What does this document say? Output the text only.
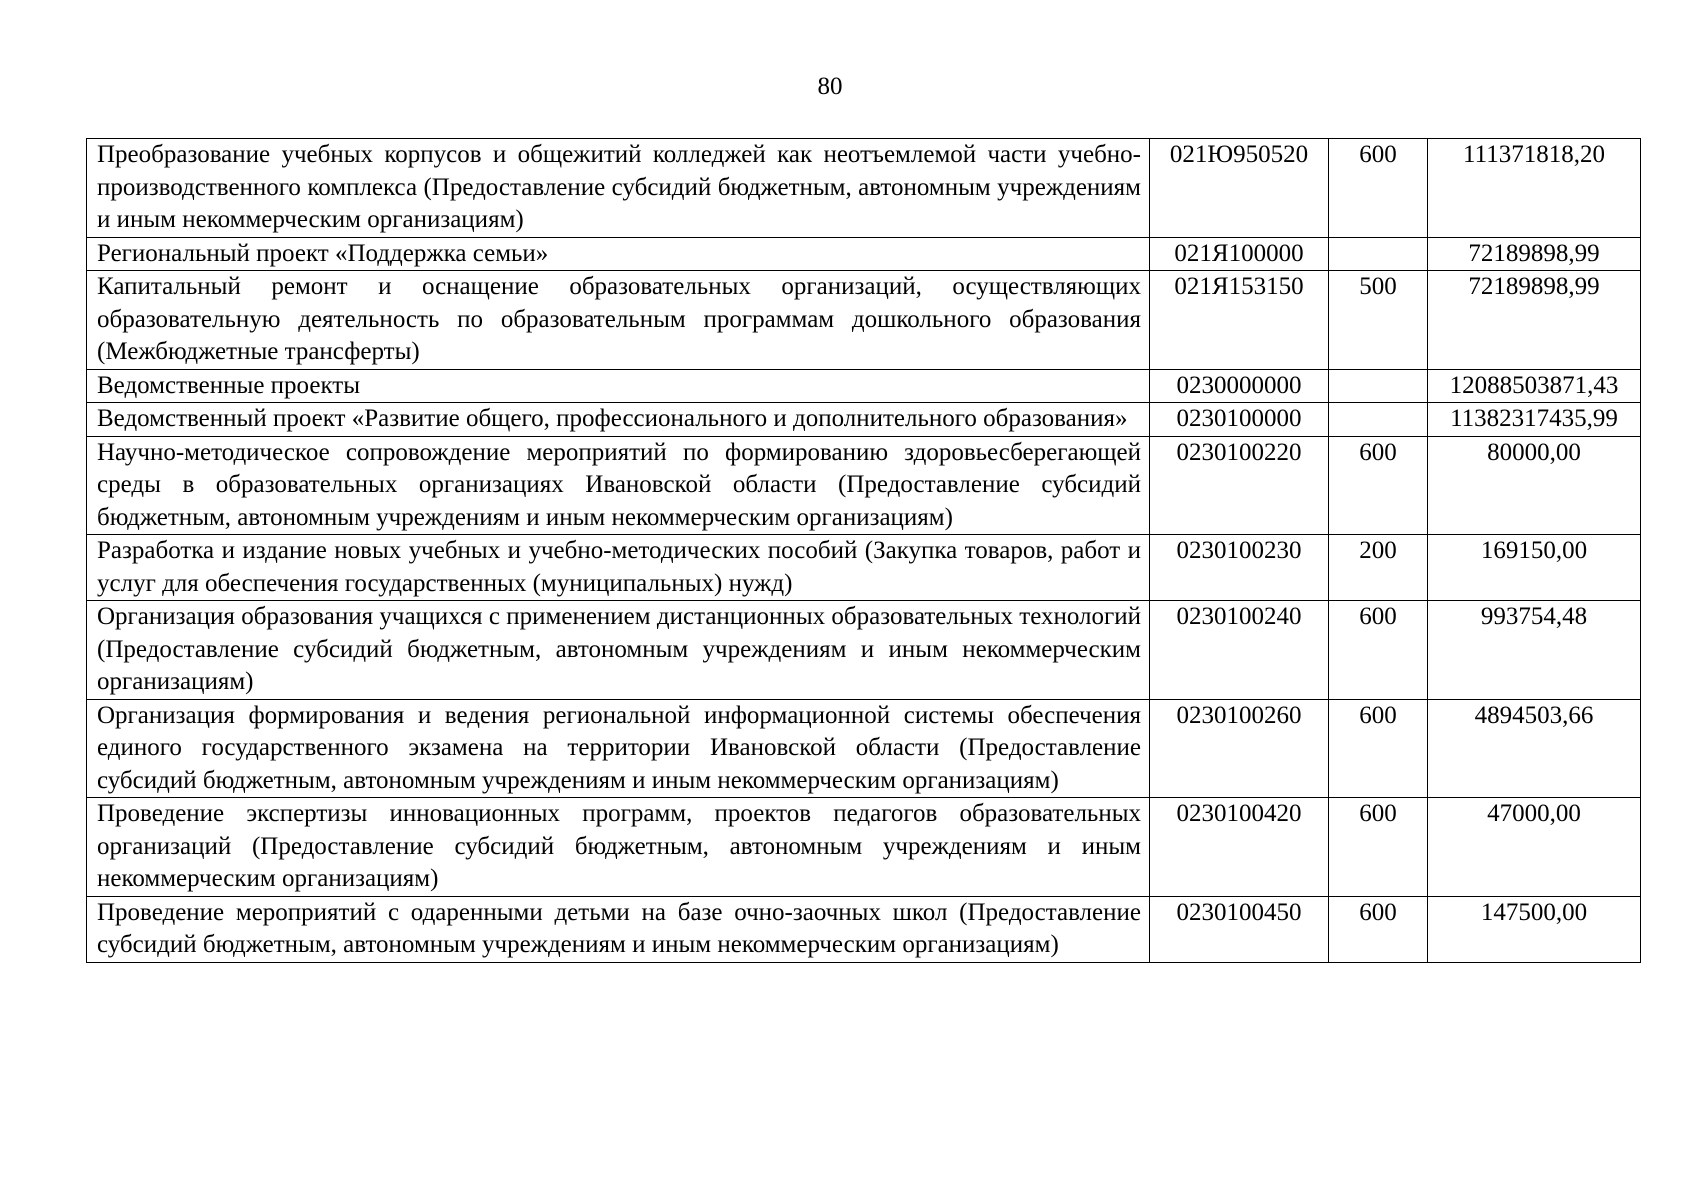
80
Преобразование учебных корпусов и общежитий колледжей как неотъемлемой части учебно-производственного комплекса (Предоставление субсидий бюджетным, автономным учреждениям и иным некоммерческим организациям)	021Ю950520	600	111371818,20
Региональный проект «Поддержка семьи»	021Я100000		72189898,99
Капитальный ремонт и оснащение образовательных организаций, осуществляющих образовательную деятельность по образовательным программам дошкольного образования (Межбюджетные трансферты)	021Я153150	500	72189898,99
Ведомственные проекты	0230000000		12088503871,43
Ведомственный проект «Развитие общего, профессионального и дополнительного образования»	0230100000		11382317435,99
Научно-методическое сопровождение мероприятий по формированию здоровьесберегающей среды в образовательных организациях Ивановской области (Предоставление субсидий бюджетным, автономным учреждениям и иным некоммерческим организациям)	0230100220	600	80000,00
Разработка и издание новых учебных и учебно-методических пособий (Закупка товаров, работ и услуг для обеспечения государственных (муниципальных) нужд)	0230100230	200	169150,00
Организация образования учащихся с применением дистанционных образовательных технологий (Предоставление субсидий бюджетным, автономным учреждениям и иным некоммерческим организациям)	0230100240	600	993754,48
Организация формирования и ведения региональной информационной системы обеспечения единого государственного экзамена на территории Ивановской области (Предоставление субсидий бюджетным, автономным учреждениям и иным некоммерческим организациям)	0230100260	600	4894503,66
Проведение экспертизы инновационных программ, проектов педагогов образовательных организаций (Предоставление субсидий бюджетным, автономным учреждениям и иным некоммерческим организациям)	0230100420	600	47000,00
Проведение мероприятий с одаренными детьми на базе очно-заочных школ (Предоставление субсидий бюджетным, автономным учреждениям и иным некоммерческим организациям)	0230100450	600	147500,00
